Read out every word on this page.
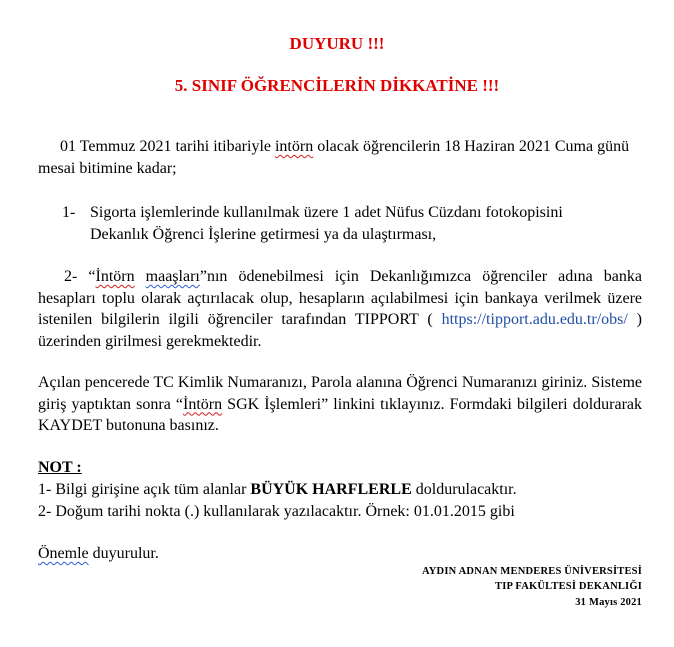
DUYURU !!!
5. SINIF ÖĞRENCİLERİN DİKKATİNE !!!
01 Temmuz 2021 tarihi itibariyle intörn olacak öğrencilerin 18 Haziran 2021 Cuma günü mesai bitimine kadar;
1- Sigorta işlemlerinde kullanılmak üzere 1 adet Nüfus Cüzdanı fotokopisini
Dekanlık Öğrenci İşlerine getirmesi ya da ulaştırması,
2- “İntörn maaşları”nın ödenebilmesi için Dekanlığımızca öğrenciler adına banka hesapları toplu olarak açtırılacak olup, hesapların açılabilmesi için bankaya verilmek üzere istenilen bilgilerin ilgili öğrenciler tarafından TIPPORT ( https://tipport.adu.edu.tr/obs/ ) üzerinden girilmesi gerekmektedir.
Açılan pencerede TC Kimlik Numaranızı, Parola alanına Öğrenci Numaranızı giriniz. Sisteme giriş yaptıktan sonra “İntörn SGK İşlemleri” linkini tıklayınız. Formdaki bilgileri doldurarak KAYDET butonuna basınız.
NOT :
1- Bilgi girişine açık tüm alanlar BÜYÜK HARFLERLE doldurulacaktır.
2- Doğum tarihi nokta (.) kullanılarak yazılacaktır. Örnek: 01.01.2015 gibi
Önemle duyurulur.
AYDIN ADNAN MENDERES ÜNİVERSİTESİ
TIP FAKÜLTESİ DEKANLIĞI
31 Mayıs 2021
